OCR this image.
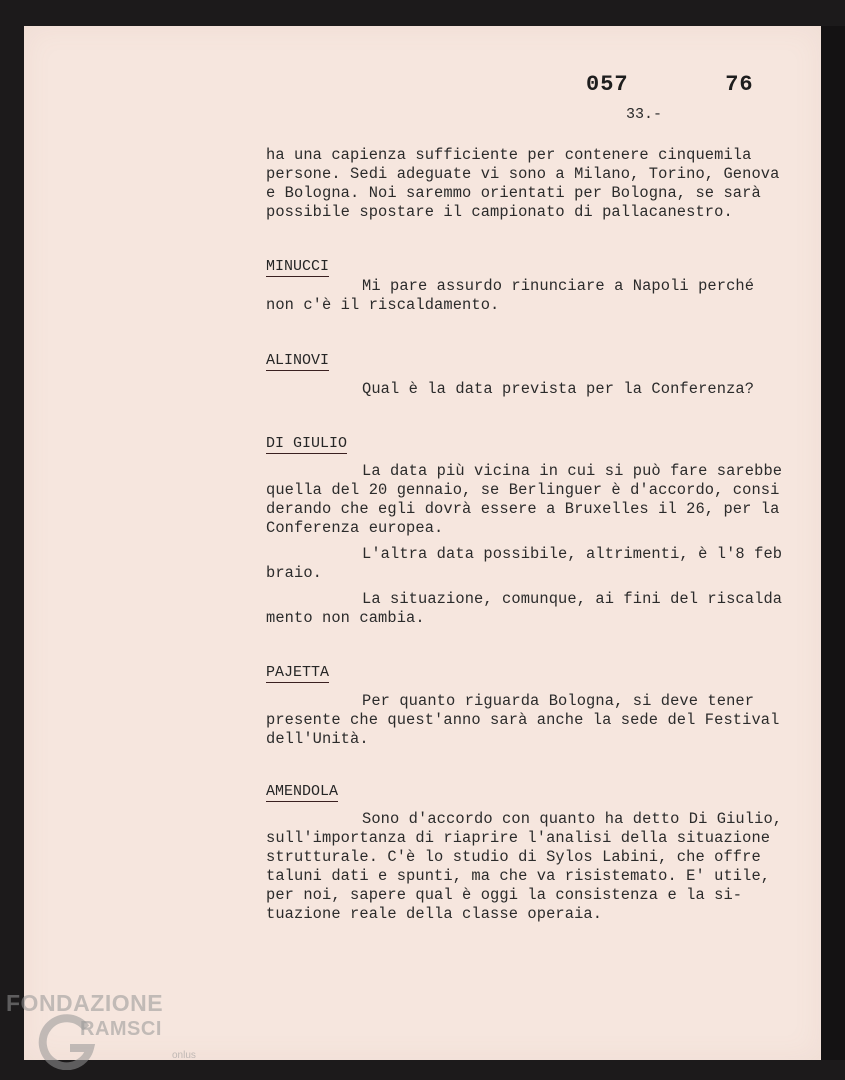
057   76
33.-
ha una capienza sufficiente per contenere cinquemila
persone. Sedi adeguate vi sono a Milano, Torino, Genova
e Bologna. Noi saremmo orientati per Bologna, se sarà
possibile spostare il campionato di pallacanestro.
MINUCCI
Mi pare assurdo rinunciare a Napoli perché
non c'è il riscaldamento.
ALINOVI
Qual è la data prevista per la Conferenza?
DI GIULIO
La data più vicina in cui si può fare sarebbe
quella del 20 gennaio, se Berlinguer è d'accordo, consi
derando che egli dovrà essere a Bruxelles il 26, per la
Conferenza europea.
L'altra data possibile, altrimenti, è l'8 feb
braio.
La situazione, comunque, ai fini del riscalda
mento non cambia.
PAJETTA
Per quanto riguarda Bologna, si deve tener
presente che quest'anno sarà anche la sede del Festival
dell'Unità.
AMENDOLA
Sono d'accordo con quanto ha detto Di Giulio,
sull'importanza di riaprire l'analisi della situazione
strutturale. C'è lo studio di Sylos Labini, che offre
taluni dati e spunti, ma che va risistemato. E' utile,
per noi, sapere qual è oggi la consistenza e la si-
tuazione reale della classe operaia.
FONDAZIONE
RAMSCI
onlus
